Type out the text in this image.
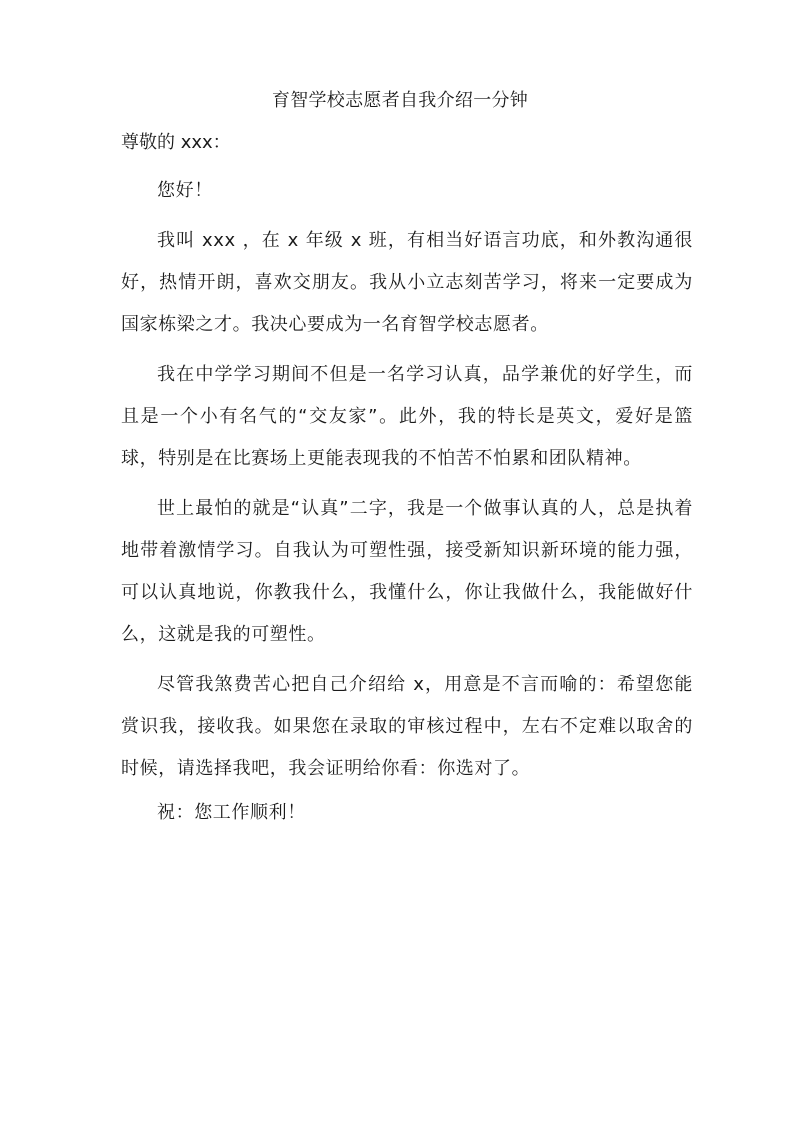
育智学校志愿者自我介绍一分钟
尊敬的 xxx：

您好！

我叫 xxx ，在 x 年级 x 班，有相当好语言功底，和外教沟通很好，热情开朗，喜欢交朋友。我从小立志刻苦学习，将来一定要成为国家栋梁之才。我决心要成为一名育智学校志愿者。

我在中学学习期间不但是一名学习认真，品学兼优的好学生，而且是一个小有名气的“交友家”。此外，我的特长是英文，爱好是篮球，特别是在比赛场上更能表现我的不怕苦不怕累和团队精神。

世上最怕的就是“认真”二字，我是一个做事认真的人，总是执着地带着激情学习。自我认为可塑性强，接受新知识新环境的能力强，可以认真地说，你教我什么，我懂什么，你让我做什么，我能做好什么，这就是我的可塑性。

尽管我煞费苦心把自己介绍给 x，用意是不言而喻的：希望您能赏识我，接收我。如果您在录取的审核过程中，左右不定难以取舍的时候，请选择我吧，我会证明给你看：你选对了。

祝：您工作顺利！
